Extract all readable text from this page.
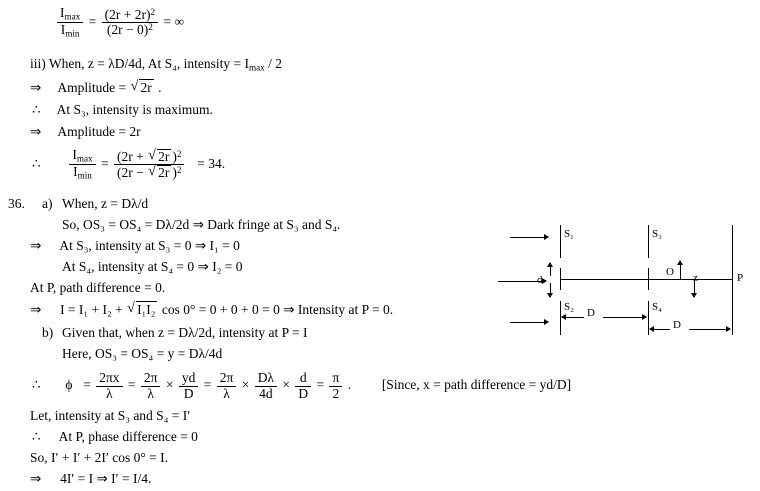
$\frac{I_{max}}{I_{min}} = \frac{(2r + 2r)^2}{(2r - 0)^2}$ = ∞
iii) When, z = λD/4d, At S₄, intensity = $I_{max} / 2$
⇒ Amplitude = √ 2r .
∴ At S₃, intensity is maximum.
⇒ Amplitude = 2r
∴ $\frac{I_{max}}{I_{min}} = \frac{(2r + √ 2r )^2}{(2r - √ 2r )^2} = 34$.
36. a) When, z = Dλ/d
So, OS₃ = OS₄ = Dλ/2d ⇒ Dark fringe at S₃ and S₄.
⇒ At S₃, intensity at S₃ = 0 ⇒ I₁ = 0
At S₄, intensity at S₄ = 0 ⇒ I₂ = 0
At P, path difference = 0.
⇒ I = I₁ + I₂ + √ I₁I₂ cos 0° = 0 + 0 + 0 = 0 ⇒ Intensity at P = 0.
b) Given that, when z = Dλ/2d, intensity at P = I
Here, OS₃ = OS₄ = y = Dλ/4d
∴ $\phi = \frac{2\pi x}{\lambda} = \frac{2\pi}{\lambda} \times \frac{yd}{D} = \frac{2\pi}{\lambda} \times \frac{D\lambda}{4d} \times \frac{d}{D} = \frac{\pi}{2}$ . [Since, x = path difference = yd/D]
Let, intensity at S₃ and S₄ = I′
∴ At P, phase difference = 0
So, I′ + I′ + 2I′ cos 0° = I.
⇒ 4I′ = I ⇒ I′ = I/4.
d	z
S₁
S₂
S₃
S₄
O	P
D
D
